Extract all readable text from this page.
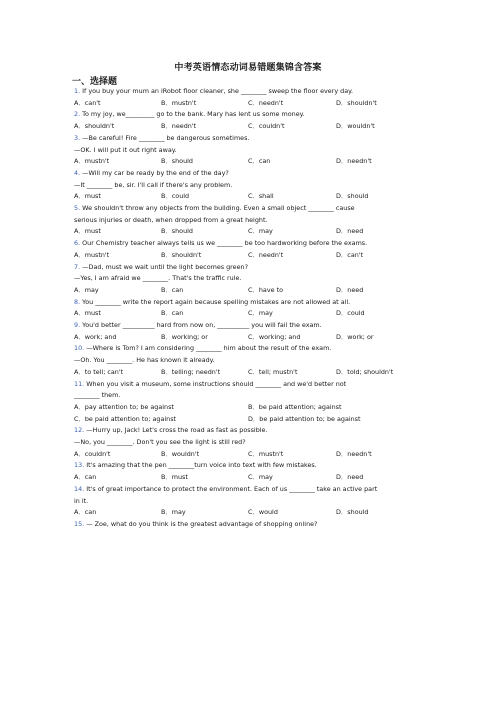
中考英语情态动词易错题集锦含答案
一、选择题
1. If you buy your mum an iRobot floor cleaner, she ________ sweep the floor every day.
A．can't	B．mustn't	C．needn't	D．shouldn't
2. To my joy, we_________ go to the bank. Mary has lent us some money.
A．shouldn't	B．needn't	C．couldn't	D．wouldn't
3. —Be careful! Fire ________ be dangerous sometimes.
—OK. I will put it out right away.
A．mustn't	B．should	C．can	D．needn't
4. —Will my car be ready by the end of the day?
—It ________ be, sir. I'll call if there's any problem.
A．must	B．could	C．shall	D．should
5. We shouldn't throw any objects from the building. Even a small object ________ cause
serious injuries or death, when dropped from a great height.
A．must	B．should	C．may	D．need
6. Our Chemistry teacher always tells us we ________ be too hardworking before the exams.
A．mustn't	B．shouldn't	C．needn't	D．can't
7. —Dad, must we wait until the light becomes green?
—Yes, I am afraid we ________. That's the traffic rule.
A．may	B．can	C．have to	D．need
8. You ________ write the report again because spelling mistakes are not allowed at all.
A．must	B．can	C．may	D．could
9. You'd better __________ hard from now on, __________ you will fail the exam.
A．work; and	B．working; or	C．working; and	D．work; or
10. —Where is Tom? I am considering ________ him about the result of the exam.
—Oh. You ________. He has known it already.
A．to tell; can't	B．telling; needn't	C．tell; mustn't	D．told; shouldn't
11. When you visit a museum, some instructions should ________ and we'd better not
________ them.
A．pay attention to; be against	B．be paid attention; against
C．be paid attention to; against	D．be paid attention to; be against
12. —Hurry up, Jack! Let's cross the road as fast as possible.
—No, you ________. Don't you see the light is still red?
A．couldn't	B．wouldn't	C．mustn't	D．needn't
13. It's amazing that the pen ________turn voice into text with few mistakes.
A．can	B．must	C．may	D．need
14. It's of great importance to protect the environment. Each of us ________ take an active part
in it.
A．can	B．may	C．would	D．should
15. — Zoe, what do you think is the greatest advantage of shopping online?
